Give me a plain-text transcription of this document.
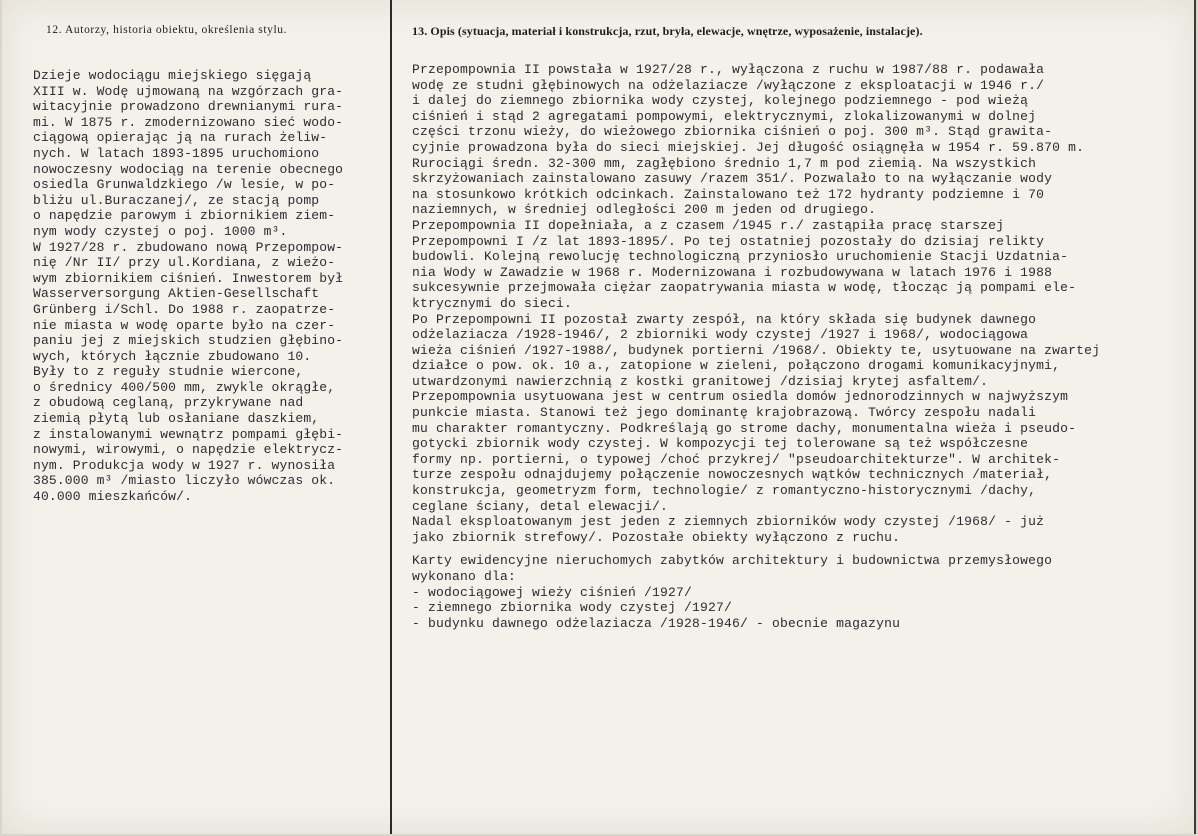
12. Autorzy, historia obiektu, określenia stylu.	13. Opis (sytuacja, materiał i konstrukcja, rzut, bryła, elewacje, wnętrze, wyposażenie, instalacje).
Dzieje wodociągu miejskiego sięgają
XIII w. Wodę ujmowaną na wzgórzach gra-
witacyjnie prowadzono drewnianymi rura-
mi. W 1875 r. zmodernizowano sieć wodo-
ciągową opierając ją na rurach żeliw-
nych. W latach 1893-1895 uruchomiono
nowoczesny wodociąg na terenie obecnego
osiedla Grunwaldzkiego /w lesie, w po-
bliżu ul.Buraczanej/, ze stacją pomp
o napędzie parowym i zbiornikiem ziem-
nym wody czystej o poj. 1000 m³.
W 1927/28 r. zbudowano nową Przepompow-
nię /Nr II/ przy ul.Kordiana, z wieżo-
wym zbiornikiem ciśnień. Inwestorem był
Wasserversorgung Aktien-Gesellschaft
Grünberg i/Schl. Do 1988 r. zaopatrze-
nie miasta w wodę oparte było na czer-
paniu jej z miejskich studzien głębino-
wych, których łącznie zbudowano 10.
Były to z reguły studnie wiercone,
o średnicy 400/500 mm, zwykle okrągłe,
z obudową ceglaną, przykrywane nad
ziemią płytą lub osłaniane daszkiem,
z instalowanymi wewnątrz pompami głębi-
nowymi, wirowymi, o napędzie elektrycz-
nym. Produkcja wody w 1927 r. wynosiła
385.000 m³ /miasto liczyło wówczas ok.
40.000 mieszkańców/.
Przepompownia II powstała w 1927/28 r., wyłączona z ruchu w 1987/88 r. podawała
wodę ze studni głębinowych na odżelaziacze /wyłączone z eksploatacji w 1946 r./
i dalej do ziemnego zbiornika wody czystej, kolejnego podziemnego - pod wieżą
ciśnień i stąd 2 agregatami pompowymi, elektrycznymi, zlokalizowanymi w dolnej
części trzonu wieży, do wieżowego zbiornika ciśnień o poj. 300 m³. Stąd grawita-
cyjnie prowadzona była do sieci miejskiej. Jej długość osiągnęła w 1954 r. 59.870 m.
Rurociągi średn. 32-300 mm, zagłębiono średnio 1,7 m pod ziemią. Na wszystkich
skrzyżowaniach zainstalowano zasuwy /razem 351/. Pozwalało to na wyłączanie wody
na stosunkowo krótkich odcinkach. Zainstalowano też 172 hydranty podziemne i 70
naziemnych, w średniej odległości 200 m jeden od drugiego.
Przepompownia II dopełniała, a z czasem /1945 r./ zastąpiła pracę starszej
Przepompowni I /z lat 1893-1895/. Po tej ostatniej pozostały do dzisiaj relikty
budowli. Kolejną rewolucję technologiczną przyniosło uruchomienie Stacji Uzdatnia-
nia Wody w Zawadzie w 1968 r. Modernizowana i rozbudowywana w latach 1976 i 1988
sukcesywnie przejmowała ciężar zaopatrywania miasta w wodę, tłocząc ją pompami ele-
ktrycznymi do sieci.
Po Przepompowni II pozostał zwarty zespół, na który składa się budynek dawnego
odżelaziacza /1928-1946/, 2 zbiorniki wody czystej /1927 i 1968/, wodociągowa
wieża ciśnień /1927-1988/, budynek portierni /1968/. Obiekty te, usytuowane na zwartej
działce o pow. ok. 10 a., zatopione w zieleni, połączono drogami komunikacyjnymi,
utwardzonymi nawierzchnią z kostki granitowej /dzisiaj krytej asfaltem/.
Przepompownia usytuowana jest w centrum osiedla domów jednorodzinnych w najwyższym
punkcie miasta. Stanowi też jego dominantę krajobrazową. Twórcy zespołu nadali
mu charakter romantyczny. Podkreślają go strome dachy, monumentalna wieża i pseudo-
gotycki zbiornik wody czystej. W kompozycji tej tolerowane są też współczesne
formy np. portierni, o typowej /choć przykrej/ "pseudoarchitekturze". W architek-
turze zespołu odnajdujemy połączenie nowoczesnych wątków technicznych /materiał,
konstrukcja, geometryzm form, technologie/ z romantyczno-historycznymi /dachy,
ceglane ściany, detal elewacji/.
Nadal eksploatowanym jest jeden z ziemnych zbiorników wody czystej /1968/ - już
jako zbiornik strefowy/. Pozostałe obiekty wyłączono z ruchu.
Karty ewidencyjne nieruchomych zabytków architektury i budownictwa przemysłowego
wykonano dla:
- wodociągowej wieży ciśnień /1927/
- ziemnego zbiornika wody czystej /1927/
- budynku dawnego odżelaziacza /1928-1946/ - obecnie magazynu
